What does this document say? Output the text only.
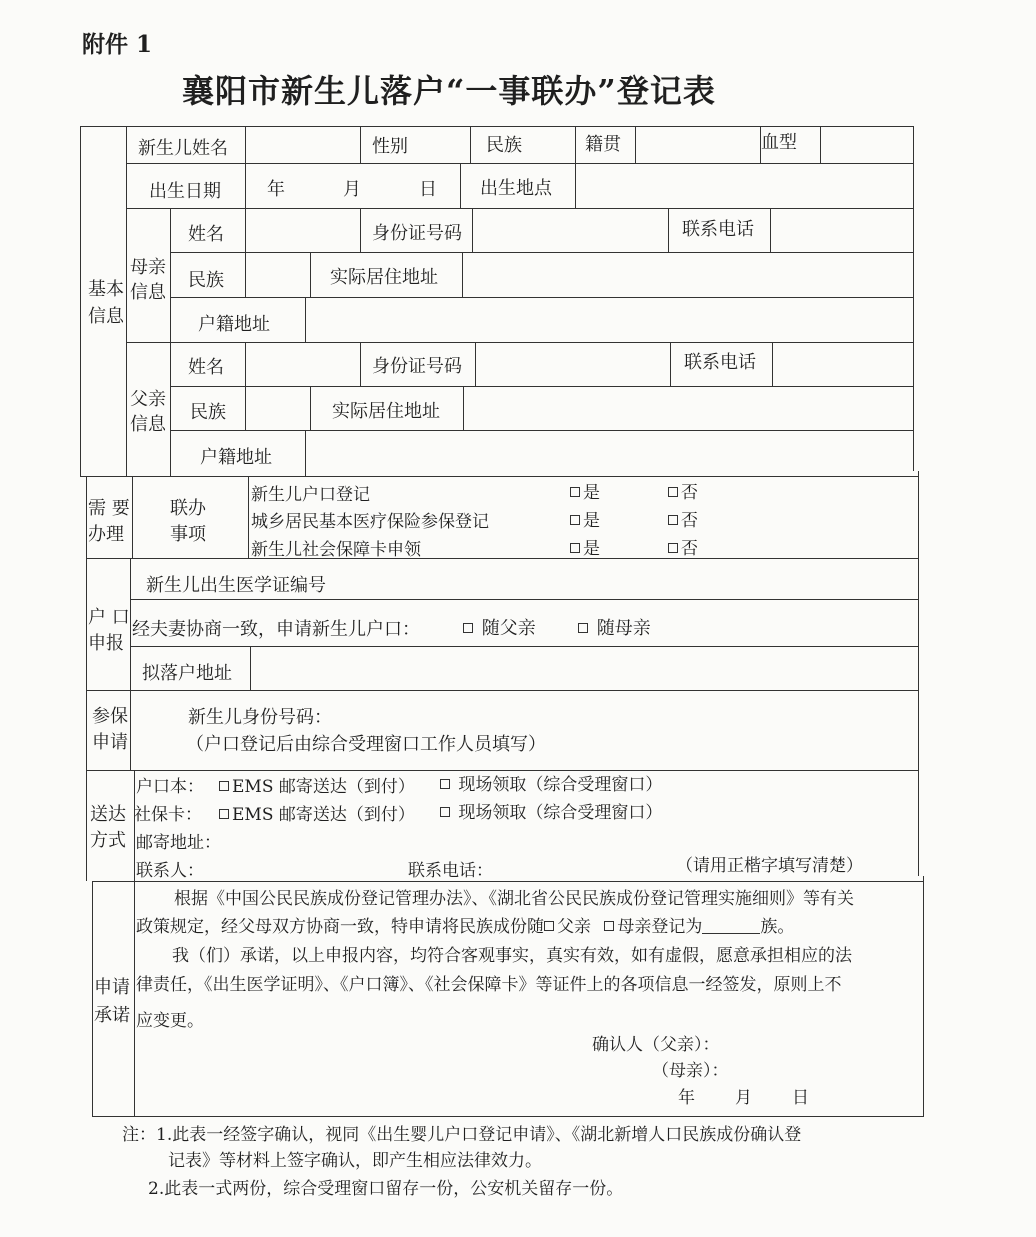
附件 1
襄阳市新生儿落户“一事联办”登记表
基本
信息
新生儿姓名	性别	民族	籍贯	血型
出生日期	年	月	日 出生地点
母亲
信息
姓名	身份证号码	联系电话
民族	实际居住地址
户籍地址
父亲
信息
姓名	身份证号码	联系电话
民族	实际居住地址
户籍地址
需 要
办理
联办
事项
新生儿户口登记	是	否
城乡居民基本医疗保险参保登记	是	否
新生儿社会保障卡申领	是	否
户 口
申报
新生儿出生医学证编号
经夫妻协商一致，申请新生儿户口：	随父亲	随母亲
拟落户地址
参保
申请
新生儿身份号码：
（户口登记后由综合受理窗口工作人员填写）
送达
方式
户口本：	EMS 邮寄送达（到付）	现场领取（综合受理窗口）
社保卡：	EMS 邮寄送达（到付）	现场领取（综合受理窗口）
邮寄地址：
联系人：	联系电话：	（请用正楷字填写清楚）
申请
承诺
根据《中国公民民族成份登记管理办法》、《湖北省公民民族成份登记管理实施细则》等有关
政策规定，经父母双方协商一致，特申请将民族成份随 父亲 母亲登记为	族。
我（们）承诺，以上申报内容，均符合客观事实，真实有效，如有虚假，愿意承担相应的法
律责任，《出生医学证明》、《户口簿》、《社会保障卡》等证件上的各项信息一经签发，原则上不
应变更。
确认人（父亲）：
（母亲）：
年 月 日
注：1.此表一经签字确认，视同《出生婴儿户口登记申请》、《湖北新增人口民族成份确认登
记表》等材料上签字确认，即产生相应法律效力。
2.此表一式两份，综合受理窗口留存一份，公安机关留存一份。
